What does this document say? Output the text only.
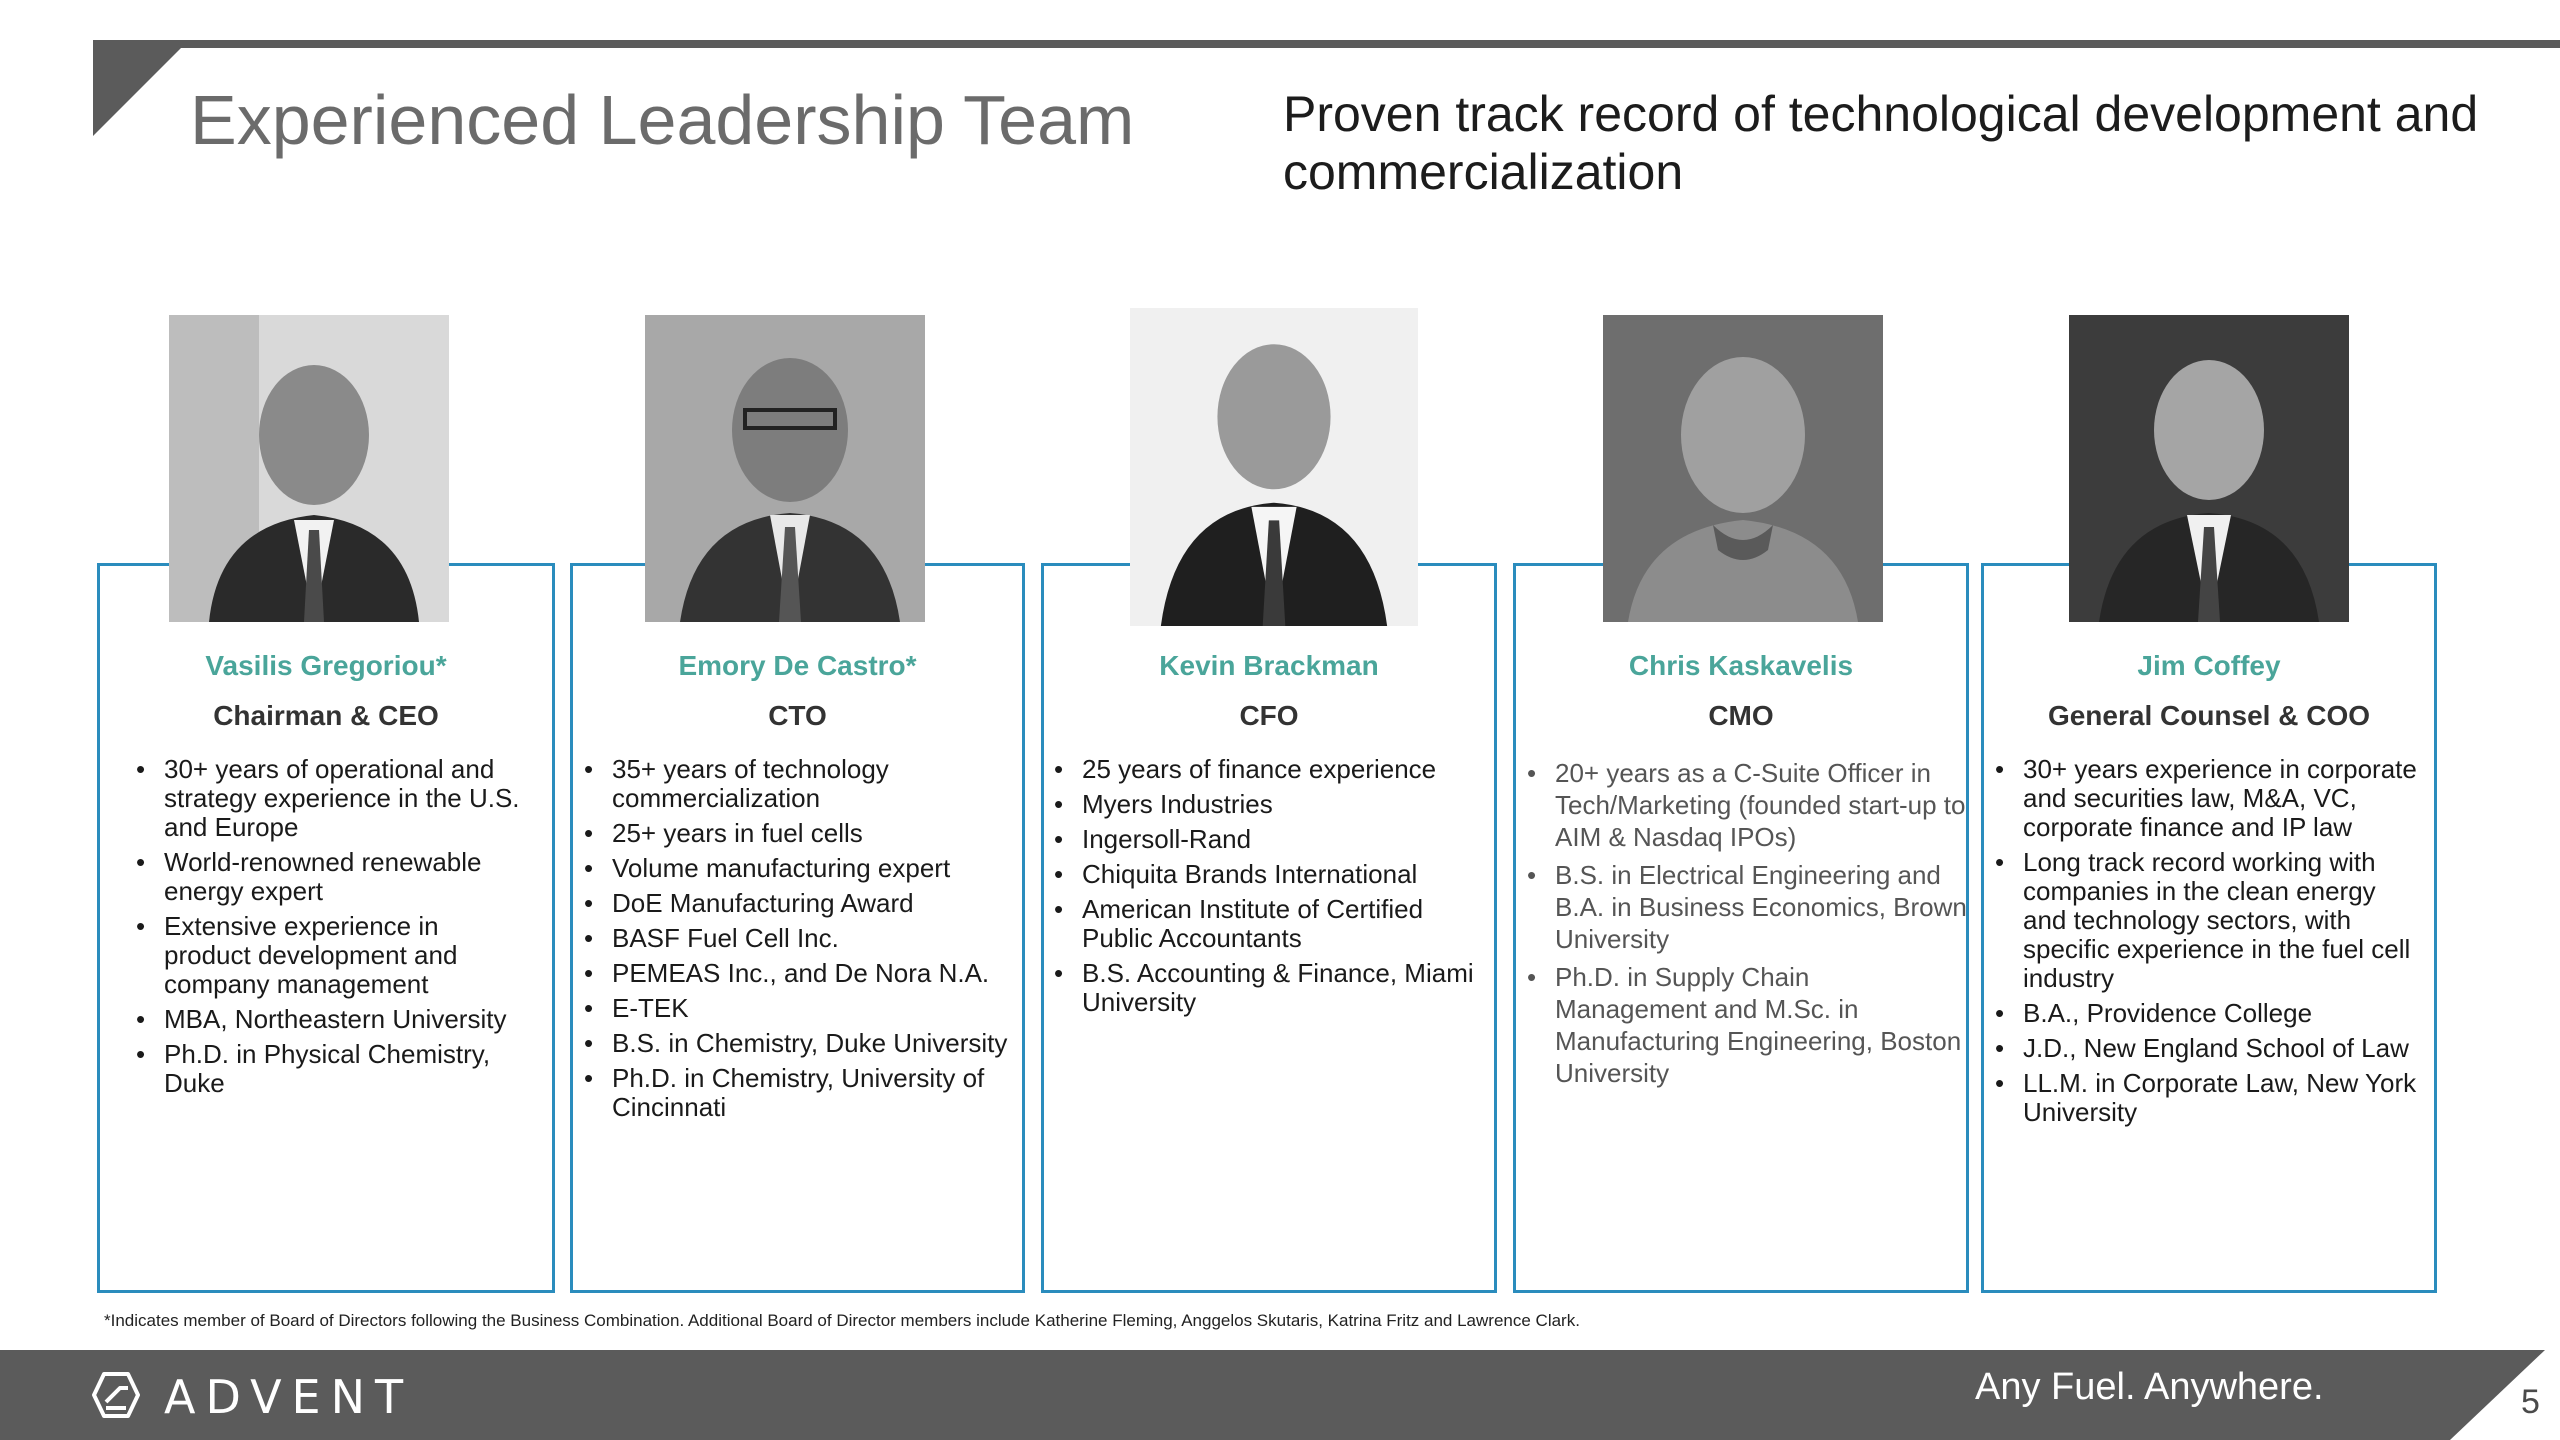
Experienced Leadership Team	Proven track record of technological development and commercialization
Vasilis Gregoriou*
Chairman & CEO
• 30+ years of operational and strategy experience in the U.S. and Europe
• World-renowned renewable energy expert
• Extensive experience in product development and company management
• MBA, Northeastern University
• Ph.D. in Physical Chemistry, Duke
Emory De Castro*
CTO
• 35+ years of technology commercialization
• 25+ years in fuel cells
• Volume manufacturing expert
• DoE Manufacturing Award
• BASF Fuel Cell Inc.
• PEMEAS Inc., and De Nora N.A.
• E-TEK
• B.S. in Chemistry, Duke University
• Ph.D. in Chemistry, University of Cincinnati
Kevin Brackman
CFO
• 25 years of finance experience
• Myers Industries
• Ingersoll-Rand
• Chiquita Brands International
• American Institute of Certified Public Accountants
• B.S. Accounting & Finance, Miami University
Chris Kaskavelis
CMO
• 20+ years as a C-Suite Officer in Tech/Marketing (founded start-up to AIM & Nasdaq IPOs)
• B.S. in Electrical Engineering and B.A. in Business Economics, Brown University
• Ph.D. in Supply Chain Management and M.Sc. in Manufacturing Engineering, Boston University
Jim Coffey
General Counsel & COO
• 30+ years experience in corporate and securities law, M&A, VC, corporate finance and IP law
• Long track record working with companies in the clean energy and technology sectors, with specific experience in the fuel cell industry
• B.A., Providence College
• J.D., New England School of Law
• LL.M. in Corporate Law, New York University
*Indicates member of Board of Directors following the Business Combination. Additional Board of Director members include Katherine Fleming, Anggelos Skutaris, Katrina Fritz and Lawrence Clark.
ADVENT	Any Fuel. Anywhere.	5
